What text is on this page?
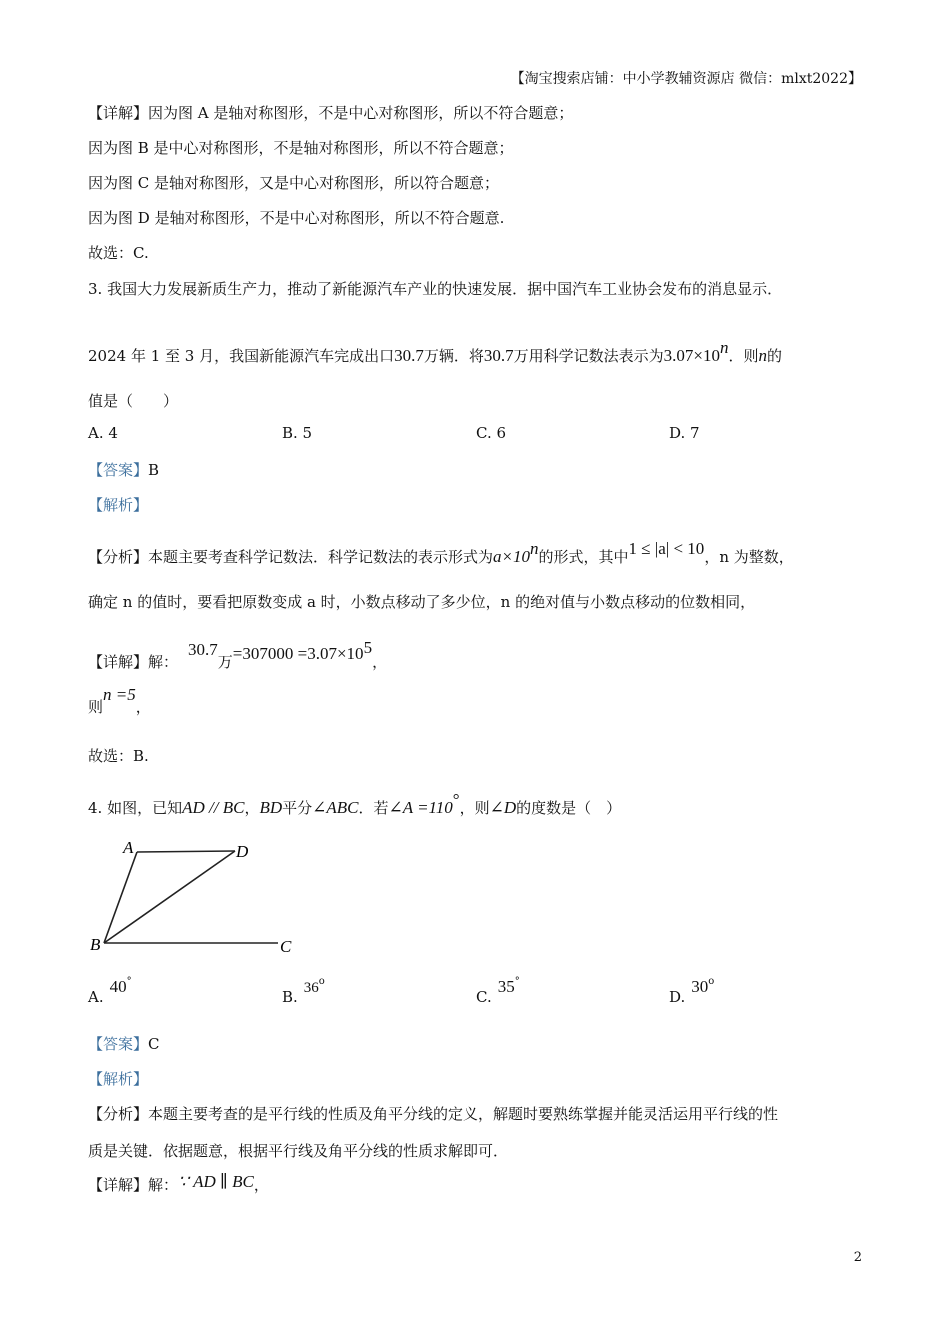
【淘宝搜索店铺：中小学教辅资源店 微信：mlxt2022】
【详解】因为图 A 是轴对称图形，不是中心对称图形，所以不符合题意；
因为图 B 是中心对称图形，不是轴对称图形，所以不符合题意；
因为图 C 是轴对称图形，又是中心对称图形，所以符合题意；
因为图 D 是轴对称图形，不是中心对称图形，所以不符合题意.
故选：C.
3. 我国大力发展新质生产力，推动了新能源汽车产业的快速发展．据中国汽车工业协会发布的消息显示．
2024 年 1 至 3 月，我国新能源汽车完成出口30.7万辆．将30.7万用科学记数法表示为$3.07\times 10^n$．则n的
值是（　　）
A. 4	B. 5	C. 6	D. 7
【答案】B
【解析】
【分析】本题主要考查科学记数法．科学记数法的表示形式为$a\times 10^n$的形式，其中1 ≤ |a| < 10，n 为整数，
确定 n 的值时，要看把原数变成 a 时，小数点移动了多少位，n 的绝对值与小数点移动的位数相同，
【详解】解：30.7万$=307000 =3.07\times 10^5$，
则n =5，
故选：B.
4. 如图，已知AD // BC，BD平分∠ABC．若∠A =110°，则∠D的度数是（　）
A	D
B	C
A.40°
B. 36$^o$
C.35°
D.30$^o$
【答案】C
【解析】
【分析】本题主要考查的是平行线的性质及角平分线的定义，解题时要熟练掌握并能灵活运用平行线的性
质是关键．依据题意，根据平行线及角平分线的性质求解即可．
【详解】解：∵ AD ∥ BC，
2
